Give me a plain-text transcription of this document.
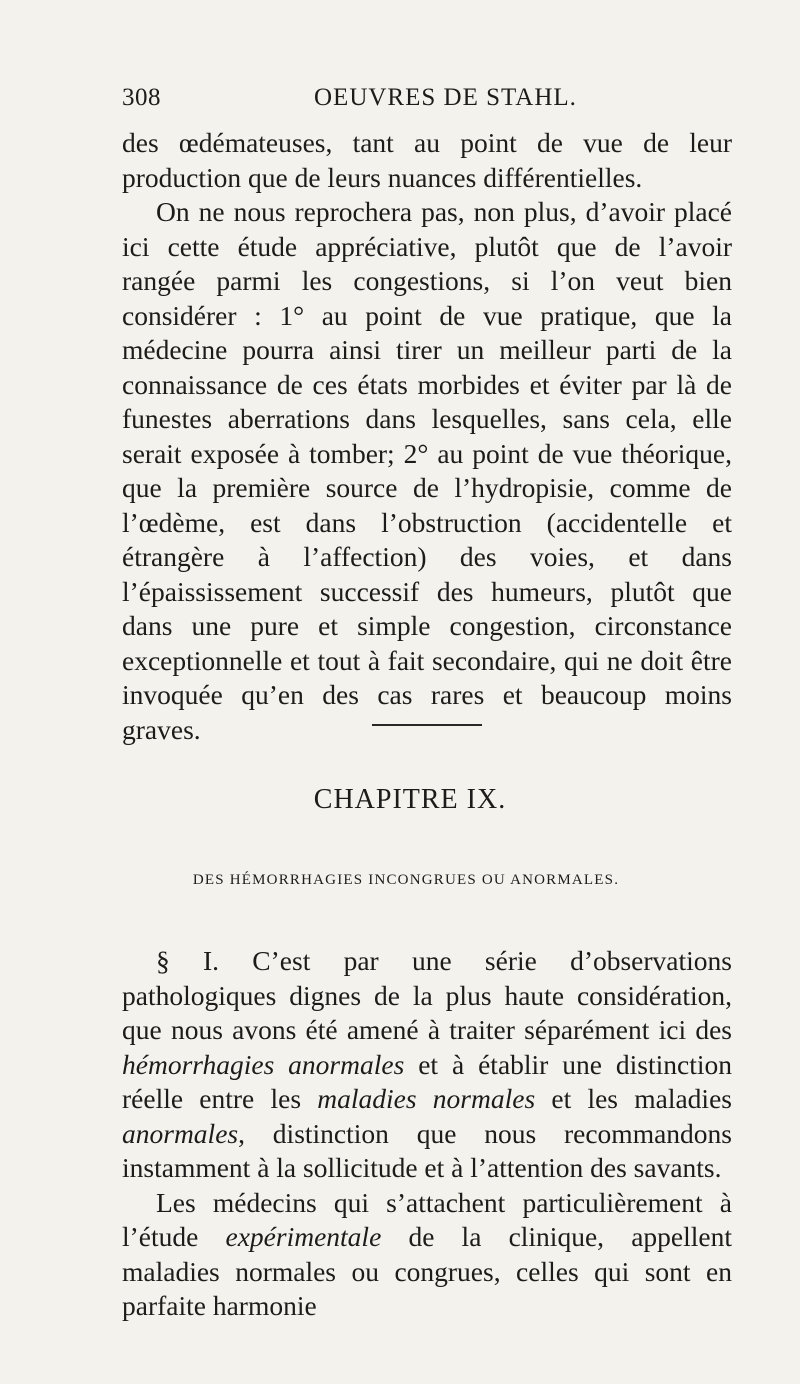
308	OEUVRES DE STAHL.

des œdémateuses, tant au point de vue de leur production que de leurs nuances différentielles.

On ne nous reprochera pas, non plus, d’avoir placé ici cette étude appréciative, plutôt que de l’avoir rangée parmi les congestions, si l’on veut bien considérer : 1° au point de vue pratique, que la médecine pourra ainsi tirer un meilleur parti de la connaissance de ces états morbides et éviter par là de funestes aberrations dans lesquelles, sans cela, elle serait exposée à tomber; 2° au point de vue théorique, que la première source de l’hydropisie, comme de l’œdème, est dans l’obstruction (accidentelle et étrangère à l’affection) des voies, et dans l’épaississement successif des humeurs, plutôt que dans une pure et simple congestion, circonstance exceptionnelle et tout à fait secondaire, qui ne doit être invoquée qu’en des cas rares et beaucoup moins graves.

CHAPITRE IX.
DES HÉMORRHAGIES INCONGRUES OU ANORMALES.

§ I. C’est par une série d’observations pathologiques dignes de la plus haute considération, que nous avons été amené à traiter séparément ici des hémorrhagies anormales et à établir une distinction réelle entre les maladies normales et les maladies anormales, distinction que nous recommandons instamment à la sollicitude et à l’attention des savants.

Les médecins qui s’attachent particulièrement à l’étude expérimentale de la clinique, appellent maladies normales ou congrues, celles qui sont en parfaite harmonie
